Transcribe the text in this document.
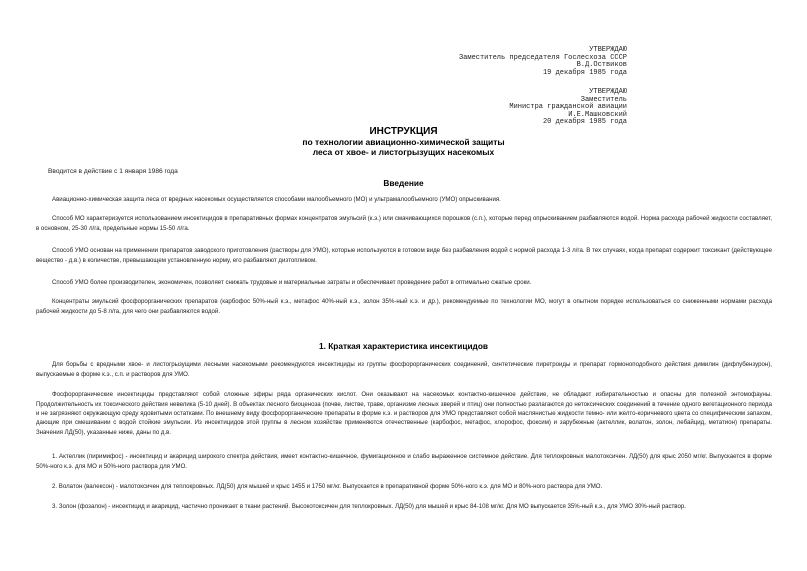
УТВЕРЖДАЮ
Заместитель председателя Гослесхоза СССР
В.Д.Оствиков
19 декабря 1985 года
УТВЕРЖДАЮ
Заместитель
Министра гражданской авиации
И.Е.Машковский
20 декабря 1985 года
ИНСТРУКЦИЯ
по технологии авиационно-химической защиты
леса от хвое- и листогрызущих насекомых
Вводится в действие с 1 января 1986 года
Введение

Авиационно-химическая защита леса от вредных насекомых осуществляется способами малообъемного (МО) и ультрамалообъемного (УМО) опрыскивания.

Способ МО характеризуется использованием инсектицидов в препаративных формах концентратов эмульсий (к.э.) или смачивающихся порошков (с.п.), которые перед опрыскиванием разбавляются водой. Норма расхода рабочей жидкости составляет, в основном, 25-30 л/га, предельные нормы 15-50 л/га.

Способ УМО основан на применении препаратов заводского приготовления (растворы для УМО), которые используются в готовом виде без разбавления водой с нормой расхода 1-3 л/га. В тех случаях, когда препарат содержит токсикант (действующее вещество - д.в.) в количестве, превышающем установленную норму, его разбавляют дизтопливом.

Способ УМО более производителен, экономичен, позволяет снижать трудовые и материальные затраты и обеспечивает проведение работ в оптимально сжатые сроки.

Концентраты эмульсий фосфорорганических препаратов (карбофос 50%-ный к.э., метафос 40%-ный к.э., золон 35%-ный к.э. и др.), рекомендуемые по технологии МО, могут в опытном порядке использоваться со сниженными нормами расхода рабочей жидкости до 5-8 л/га, для чего они разбавляются водой.

1. Краткая характеристика инсектицидов

Для борьбы с вредными хвое- и листогрызущими лесными насекомыми рекомендуются инсектициды из группы фосфорорганических соединений, синтетические пиретроиды и препарат гормоноподобного действия димилин (дифлубензурон), выпускаемые в форме к.э., с.п. и растворов для УМО.

Фосфорорганические инсектициды представляют собой сложные эфиры ряда органических кислот. Они оказывают на насекомых контактно-кишечное действие, не обладают избирательностью и опасны для полезной энтомофауны. Продолжительность их токсического действия невелика (5-10 дней). В объектах лесного биоценоза (почве, листве, траве, организме лесных зверей и птиц) они полностью разлагаются до нетоксических соединений в течение одного вегетационного периода и не загрязняют окружающую среду ядовитыми остатками. По внешнему виду фосфорорганические препараты в форме к.э. и растворов для УМО представляют собой маслянистые жидкости темно- или желто-коричневого цвета со специфическим запахом, дающие при смешивании с водой стойкие эмульсии. Из инсектицидов этой группы в лесном хозяйстве применяются отечественные (карбофос, метафос, хлорофос, фоксим) и зарубежные (актеллик, волатон, золон, лебайцид, метатион) препараты. Значения ЛД(50), указанные ниже, даны по д.в.

1. Актеллик (пиримифос) - инсектицид и акарицид широкого спектра действия, имеет контактно-кишечное, фумигационное и слабо выраженное системное действие. Для теплокровных малотоксичен. ЛД(50) для крыс 2050 мг/кг. Выпускается в форме 50%-ного к.э. для МО и 50%-ного раствора для УМО.

2. Волатон (валексон) - малотоксичен для теплокровных. ЛД(50) для мышей и крыс 1455 и 1750 мг/кг. Выпускается в препаративной форме 50%-ного к.э. для МО и 80%-ного раствора для УМО.

3. Золон (фозалон) - инсектицид и акарицид, частично проникает в ткани растений. Высокотоксичен для теплокровных. ЛД(50) для мышей и крыс 84-108 мг/кг. Для МО выпускается 35%-ный к.э., для УМО 30%-ный раствор.
